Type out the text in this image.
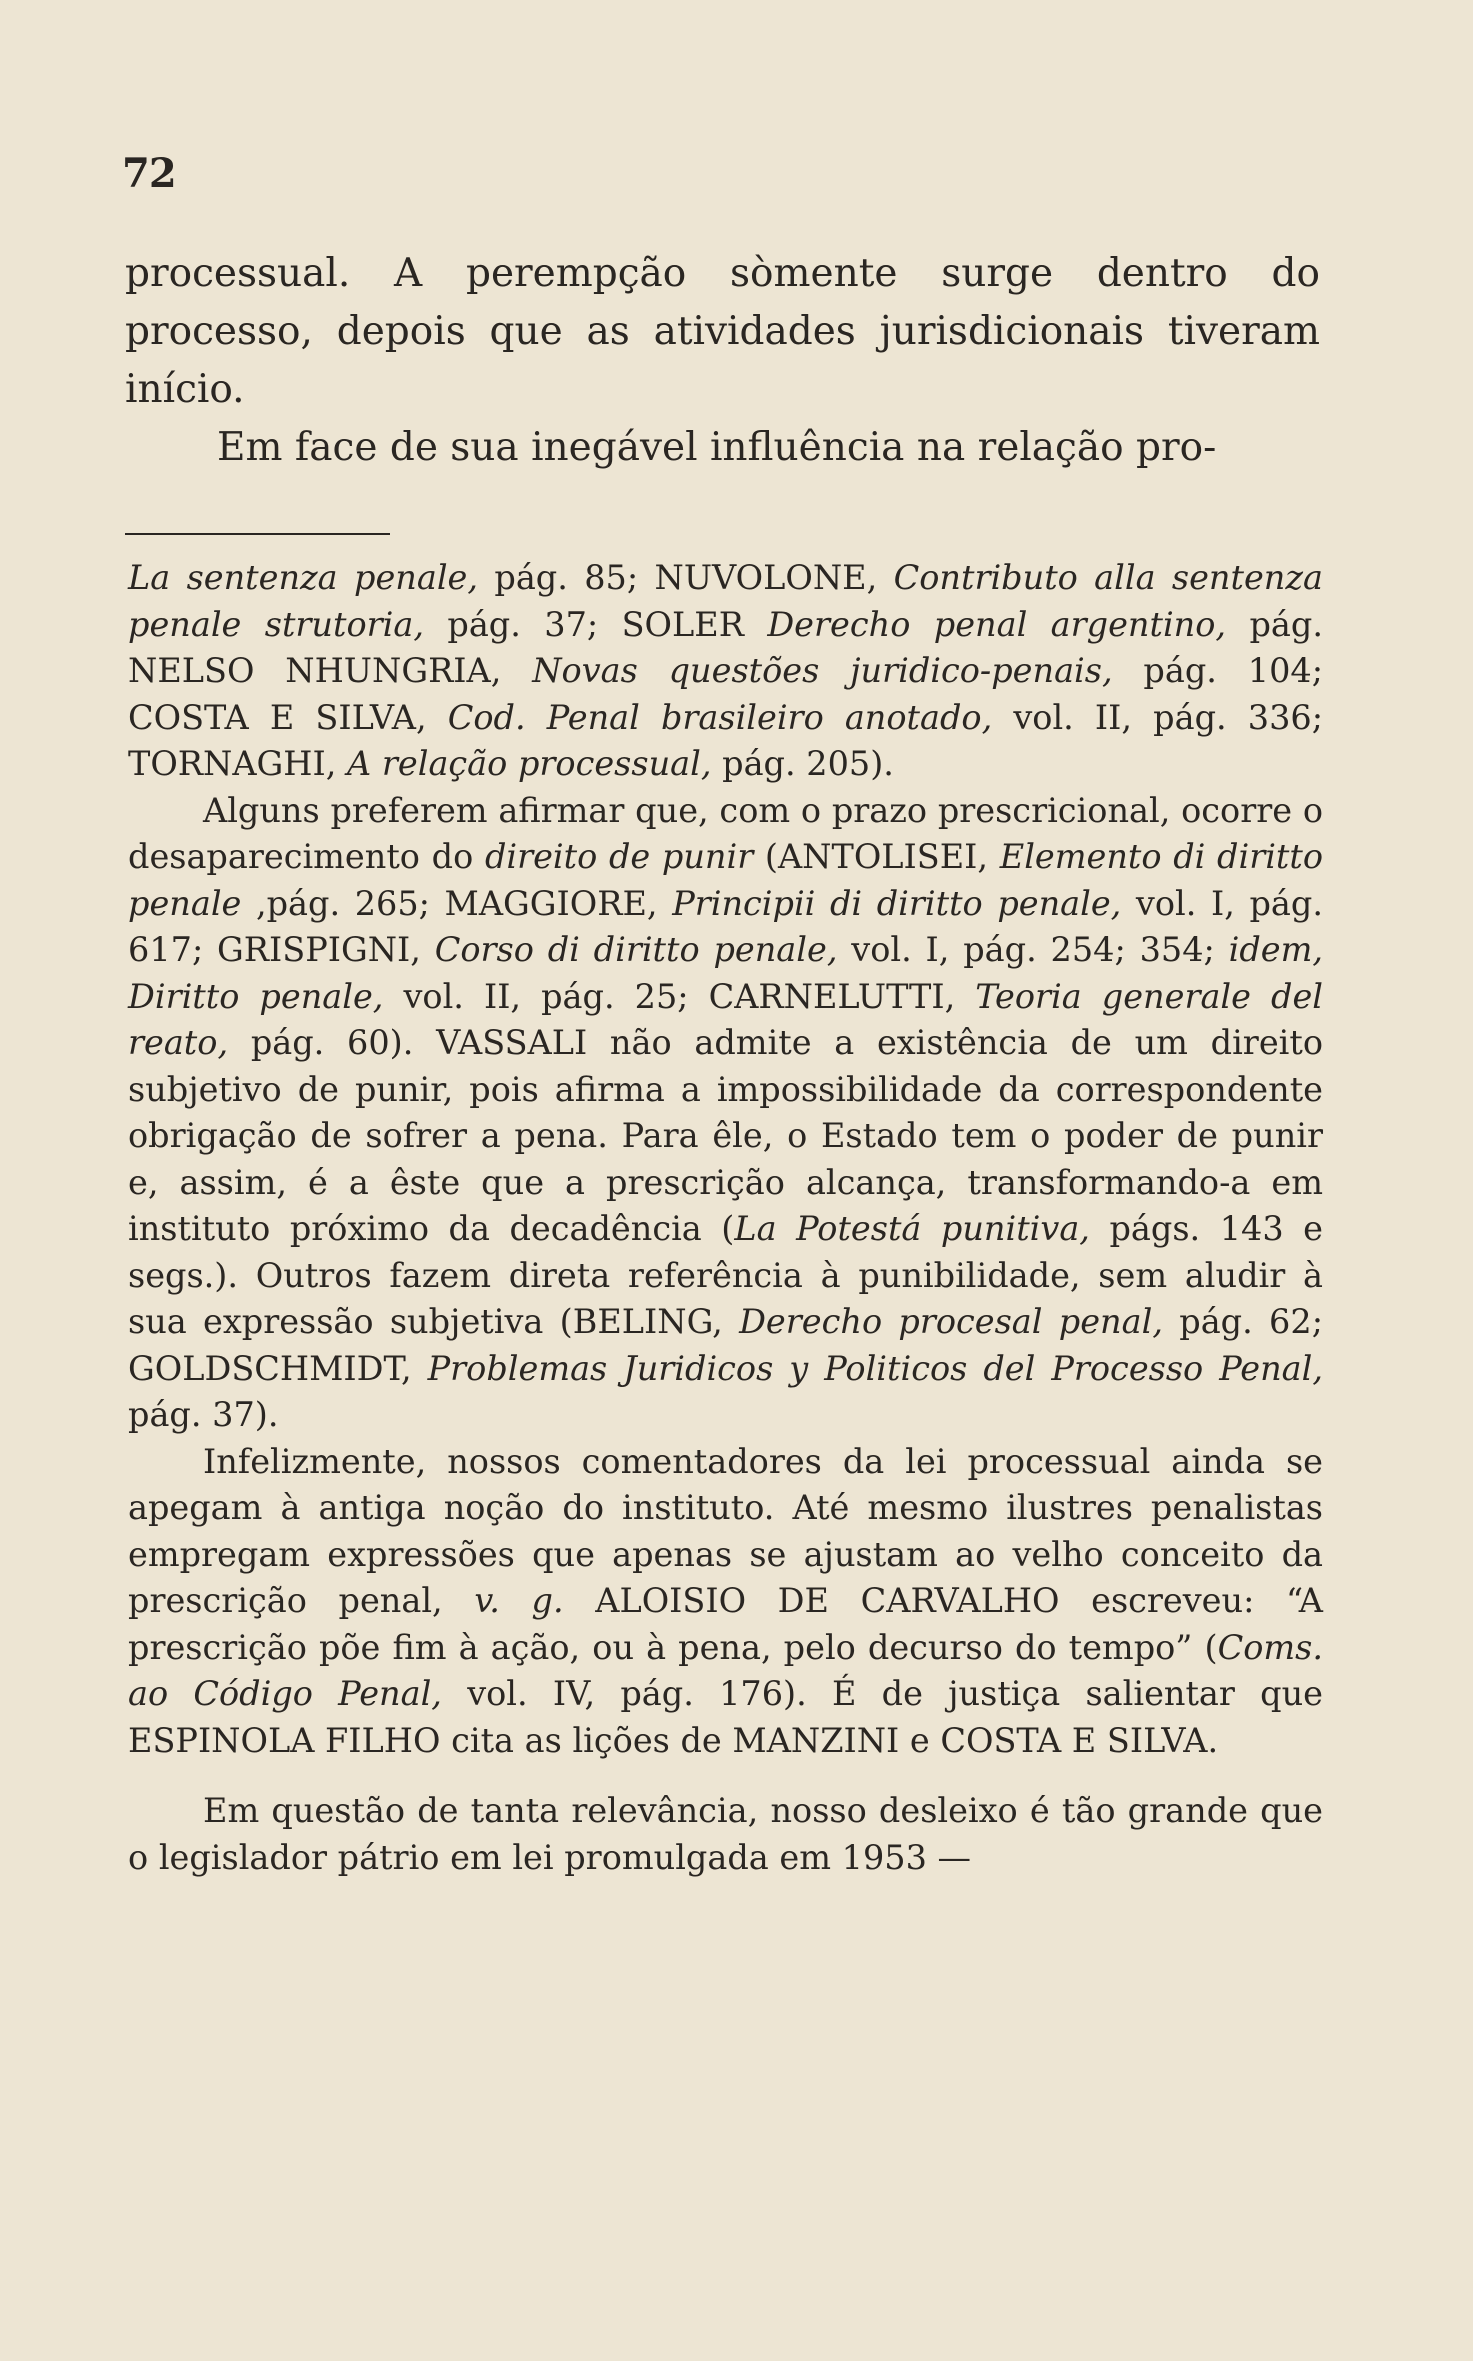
72

processual. A perempção sòmente surge dentro do processo, depois que as atividades jurisdicionais tiveram início.

Em face de sua inegável influência na relação pro-

La sentenza penale, pág. 85; NUVOLONE, Contributo alla sentenza penale strutoria, pág. 37; SOLER Derecho penal argentino, pág. NELSO NHUNGRIA, Novas questões juridico-penais, pág. 104; COSTA E SILVA, Cod. Penal brasileiro anotado, vol. II, pág. 336; TORNAGHI, A relação processual, pág. 205).

Alguns preferem afirmar que, com o prazo prescricional, ocorre o desaparecimento do direito de punir (ANTOLISEI, Elemento di diritto penale ,pág. 265; MAGGIORE, Principii di diritto penale, vol. I, pág. 617; GRISPIGNI, Corso di diritto penale, vol. I, pág. 254; 354; idem, Diritto penale, vol. II, pág. 25; CARNELUTTI, Teoria generale del reato, pág. 60). VASSALI não admite a existência de um direito subjetivo de punir, pois afirma a impossibilidade da correspondente obrigação de sofrer a pena. Para êle, o Estado tem o poder de punir e, assim, é a êste que a prescrição alcança, transformando-a em instituto próximo da decadência (La Potestá punitiva, págs. 143 e segs.). Outros fazem direta referência à punibilidade, sem aludir à sua expressão subjetiva (BELING, Derecho procesal penal, pág. 62; GOLDSCHMIDT, Problemas Juridicos y Politicos del Processo Penal, pág. 37).

Infelizmente, nossos comentadores da lei processual ainda se apegam à antiga noção do instituto. Até mesmo ilustres penalistas empregam expressões que apenas se ajustam ao velho conceito da prescrição penal, v. g. ALOISIO DE CARVALHO escreveu: “A prescrição põe fim à ação, ou à pena, pelo decurso do tempo” (Coms. ao Código Penal, vol. IV, pág. 176). É de justiça salientar que ESPINOLA FILHO cita as lições de MANZINI e COSTA E SILVA.

Em questão de tanta relevância, nosso desleixo é tão grande que o legislador pátrio em lei promulgada em 1953 —
